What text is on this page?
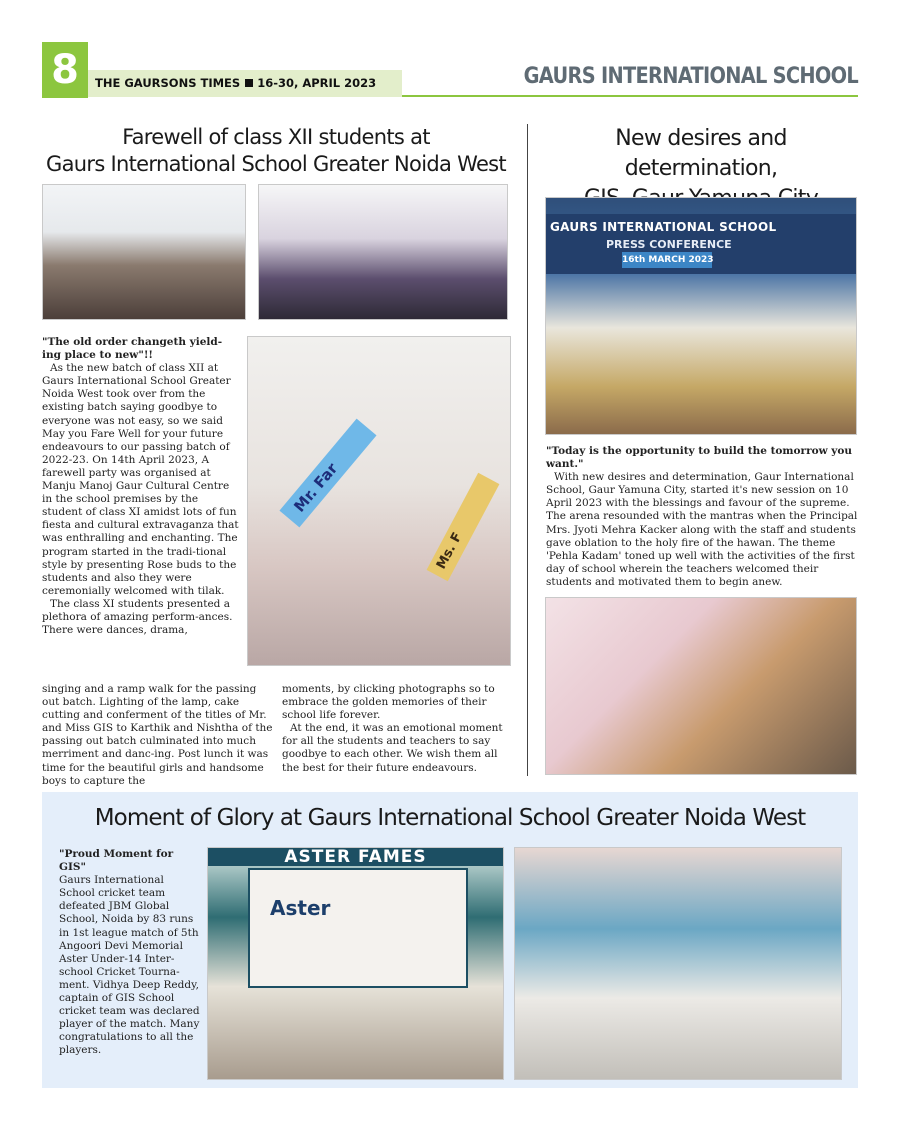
8	THE GAURSONS TIMES 16-30, APRIL 2023	GAURS INTERNATIONAL SCHOOL
Farewell of class XII students at
Gaurs International School Greater Noida West
Mr. Far
Ms. F

"The old order changeth yield-ing place to new"!!

As the new batch of class XII at Gaurs International School Greater Noida West took over from the existing batch saying goodbye to everyone was not easy, so we said May you Fare Well for your future endeavours to our passing batch of 2022-23. On 14th April 2023, A farewell party was organised at Manju Manoj Gaur Cultural Centre in the school premises by the student of class XI amidst lots of fun fiesta and cultural extravaganza that was enthralling and enchanting. The program started in the tradi-tional style by presenting Rose buds to the students and also they were ceremonially welcomed with tilak.

The class XI students presented a plethora of amazing perform-ances. There were dances, drama,

singing and a ramp walk for the passing out batch. Lighting of the lamp, cake cutting and conferment of the titles of Mr. and Miss GIS to Karthik and Nishtha of the passing out batch culminated into much merriment and danc-ing. Post lunch it was time for the beautiful girls and handsome boys to capture the

moments, by clicking photographs so to embrace the golden memories of their school life forever.

At the end, it was an emotional moment for all the students and teachers to say goodbye to each other. We wish them all the best for their future endeavours.

New desires and determination,
GAURS INTERNATIONAL SCHOOL
PRESS CONFERENCE
16th MARCH 2023

"Today is the opportunity to build the tomorrow you want."

With new desires and determination, Gaur International School, Gaur Yamuna City, started it's new session on 10 April 2023 with the blessings and favour of the supreme. The arena resounded with the mantras when the Principal Mrs. Jyoti Mehra Kacker along with the staff and students gave oblation to the holy fire of the hawan. The theme 'Pehla Kadam' toned up well with the activities of the first day of school wherein the teachers welcomed their students and motivated them to begin anew.

Moment of Glory at Gaurs International School Greater Noida West

"Proud Moment for GIS"

Gaurs International School cricket team defeated JBM Global School, Noida by 83 runs in 1st league match of 5th Angoori Devi Memorial Aster Under-14 Inter-school Cricket Tourna-ment. Vidhya Deep Reddy, captain of GIS School cricket team was declared player of the match. Many congratulations to all the players.

ASTER FAMES
Aster
